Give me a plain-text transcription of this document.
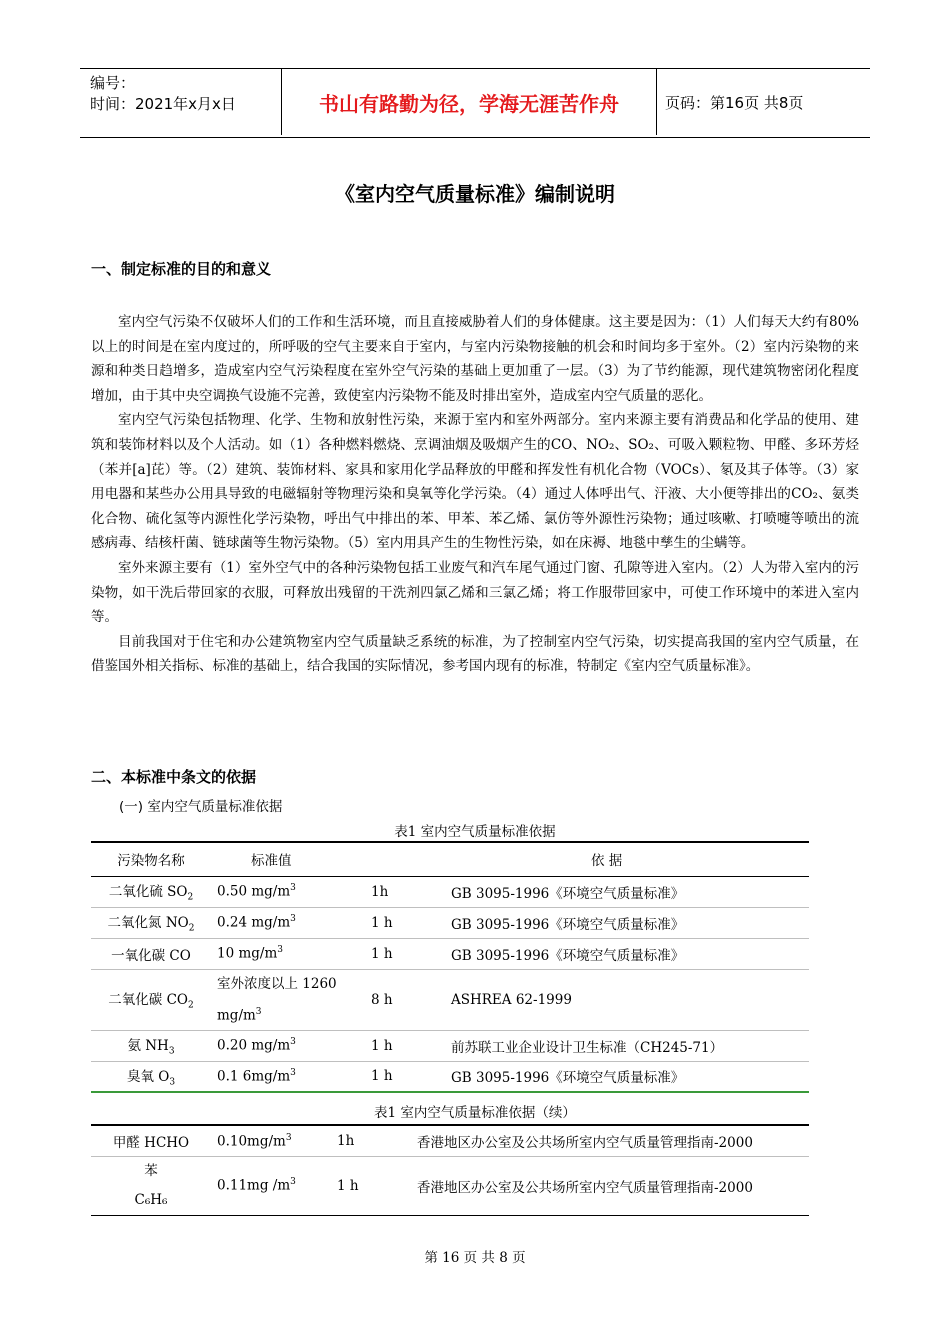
编号：
时间：2021年x月x日	书山有路勤为径，学海无涯苦作舟	页码：第16页 共8页
《室内空气质量标准》编制说明
一、制定标准的目的和意义

室内空气污染不仅破坏人们的工作和生活环境，而且直接威胁着人们的身体健康。这主要是因为：（1）人们每天大约有80%以上的时间是在室内度过的，所呼吸的空气主要来自于室内，与室内污染物接触的机会和时间均多于室外。（2）室内污染物的来源和种类日趋增多，造成室内空气污染程度在室外空气污染的基础上更加重了一层。（3）为了节约能源，现代建筑物密闭化程度增加，由于其中央空调换气设施不完善，致使室内污染物不能及时排出室外，造成室内空气质量的恶化。

室内空气污染包括物理、化学、生物和放射性污染，来源于室内和室外两部分。室内来源主要有消费品和化学品的使用、建筑和装饰材料以及个人活动。如（1）各种燃料燃烧、烹调油烟及吸烟产生的CO、NO₂、SO₂、可吸入颗粒物、甲醛、多环芳烃（苯并[a]芘）等。（2）建筑、装饰材料、家具和家用化学品释放的甲醛和挥发性有机化合物（VOCs）、氡及其子体等。（3）家用电器和某些办公用具导致的电磁辐射等物理污染和臭氧等化学污染。（4）通过人体呼出气、汗液、大小便等排出的CO₂、氨类化合物、硫化氢等内源性化学污染物，呼出气中排出的苯、甲苯、苯乙烯、氯仿等外源性污染物；通过咳嗽、打喷嚏等喷出的流感病毒、结核杆菌、链球菌等生物污染物。（5）室内用具产生的生物性污染，如在床褥、地毯中孳生的尘螨等。

室外来源主要有（1）室外空气中的各种污染物包括工业废气和汽车尾气通过门窗、孔隙等进入室内。（2）人为带入室内的污染物，如干洗后带回家的衣服，可释放出残留的干洗剂四氯乙烯和三氯乙烯；将工作服带回家中，可使工作环境中的苯进入室内等。

目前我国对于住宅和办公建筑物室内空气质量缺乏系统的标准，为了控制室内空气污染，切实提高我国的室内空气质量，在借鉴国外相关指标、标准的基础上，结合我国的实际情况，参考国内现有的标准，特制定《室内空气质量标准》。

二、本标准中条文的依据
(一) 室内空气质量标准依据
表1 室内空气质量标准依据
污染物名称	标准值		依 据
二氧化硫 $SO_2$	0.50 $mg/m^3$	1h	GB 3095-1996《环境空气质量标准》
二氧化氮 $NO_2$	0.24 $mg/m^3$	1 h	GB 3095-1996《环境空气质量标准》
一氧化碳 CO	10 $mg/m^3$	1 h	GB 3095-1996《环境空气质量标准》
二氧化碳 $CO_2$	室外浓度以上 1260 $mg/m^3$	8 h	ASHREA 62-1999
氨 $NH_3$	0.20 $mg/m^3$	1 h	前苏联工业企业设计卫生标准（CH245-71）
臭氧 $O_3$	0.1 $6mg/m^3$	1 h	GB 3095-1996《环境空气质量标准》
表1 室内空气质量标准依据（续）
甲醛 HCHO	$0.10mg/m^3$	1h	香港地区办公室及公共场所室内空气质量管理指南-2000

苯
C₆H₆	0.11mg $/m^3$	1 h	香港地区办公室及公共场所室内空气质量管理指南-2000
第 16 页 共 8 页
